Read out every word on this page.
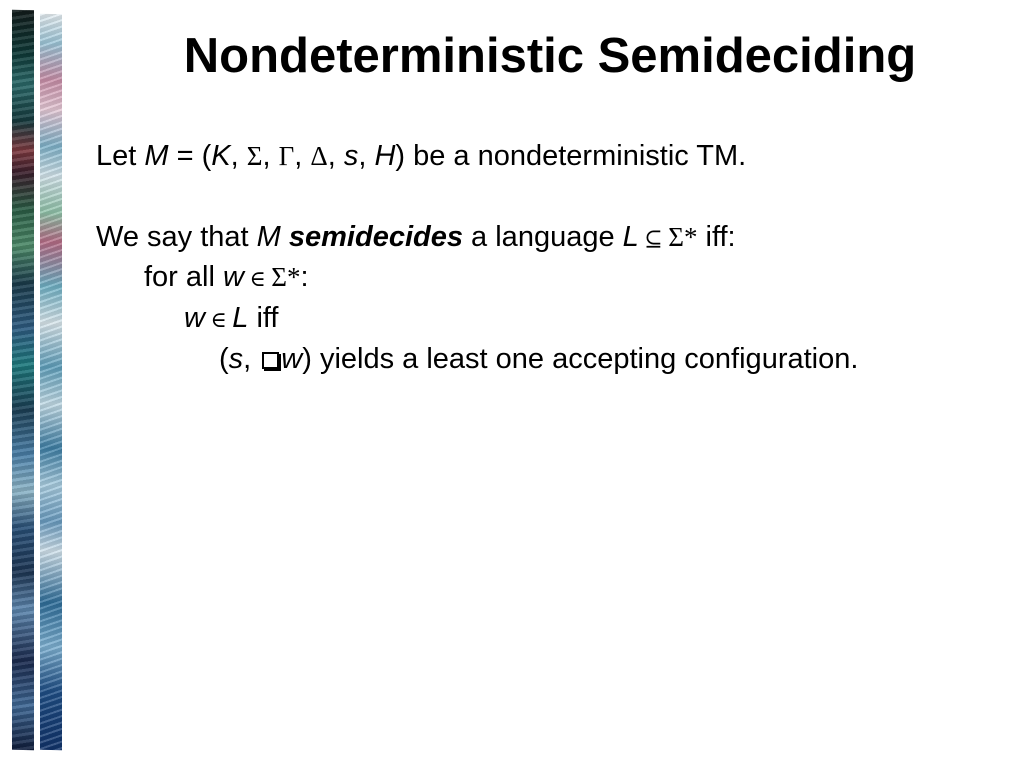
Nondeterministic Semideciding
Let M = (K, Σ, Γ, Δ, s, H) be a nondeterministic TM.
We say that M semidecides a language L ⊆ Σ* iff:
for all w ∈ Σ*:
w ∈ L iff
(s, w) yields a least one accepting configuration.
